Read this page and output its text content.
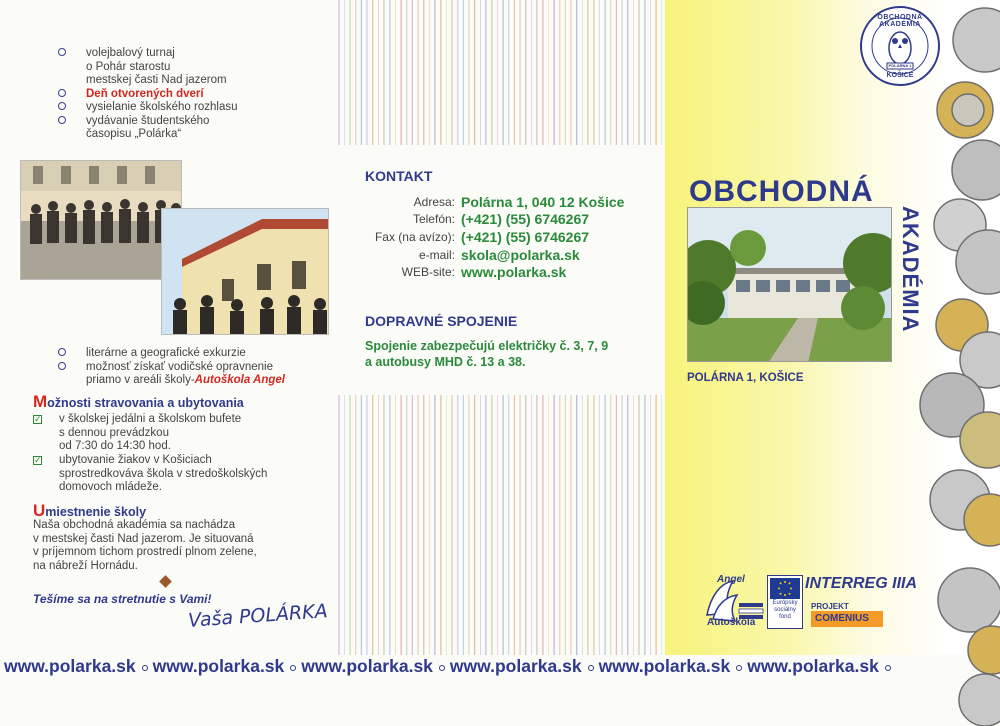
volejbalový turnaj
o Pohár starostu
mestskej časti Nad jazerom
Deň otvorených dverí
vysielanie školského rozhlasu
vydávanie študentského
časopisu „Polárka“
literárne a geografické exkurzie
možnosť získať vodičské opravnenie
priamo v areáli školy-Autoškola Angel
Možnosti stravovania a ubytovania
✓	v školskej jedálni a školskom bufete
s dennou prevádzkou
od 7:30 do 14:30 hod.
✓	ubytovanie žiakov v Košiciach
sprostredkováva škola v stredoškolských
domovoch mládeže.
Umiestnenie školy
Naša obchodná akadémia sa nachádza
v mestskej časti Nad jazerom. Je situovaná
v príjemnom tichom prostredí plnom zelene,
na nábreží Hornádu.
Tešíme sa na stretnutie s Vami!
Vaša POLÁRKA
KONTAKT
Adresa: Polárna 1, 040 12 Košice
Telefón: (+421) (55) 6746267
Fax (na avízo): (+421) (55) 6746267
e-mail: skola@polarka.sk
WEB-site: www.polarka.sk
DOPRAVNÉ SPOJENIE
Spojenie zabezpečujú električky č. 3, 7, 9
a autobusy MHD č. 13 a 38.
OBCHODNÁ AKADÉMIA
POLÁRNA 1
KOŠICE
OBCHODNÁ
AKADÉMIA
POLÁRNA 1, KOŠICE
Angel
Autoškola
Európsky
sociálny
fond
INTERREG IIIA
PROJEKT
COMENIUS
www.polarka.sk www.polarka.sk www.polarka.sk www.polarka.sk www.polarka.sk www.polarka.sk
